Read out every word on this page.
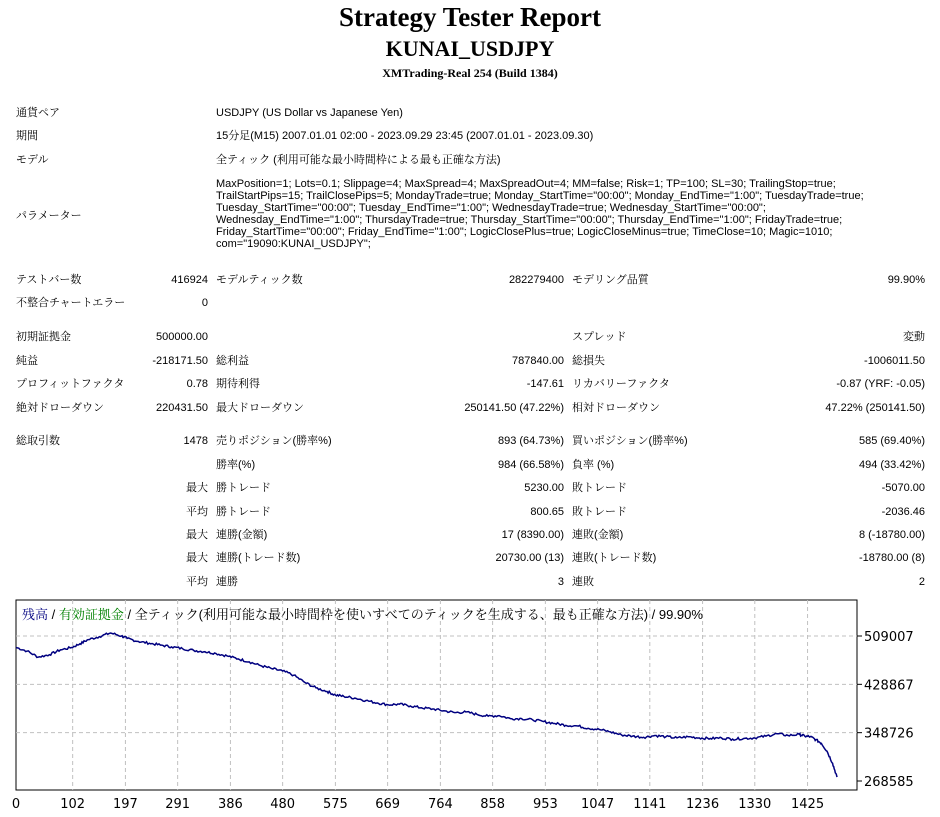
Strategy Tester Report
KUNAI_USDJPY
XMTrading-Real 254 (Build 1384)
通貨ペア	USDJPY (US Dollar vs Japanese Yen)
期間	15分足(M15) 2007.01.01 02:00 - 2023.09.29 23:45 (2007.01.01 - 2023.09.30)
モデル	全ティック (利用可能な最小時間枠による最も正確な方法)
パラメーター
MaxPosition=1; Lots=0.1; Slippage=4; MaxSpread=4; MaxSpreadOut=4; MM=false; Risk=1; TP=100; SL=30; TrailingStop=true;
TrailStartPips=15; TrailClosePips=5; MondayTrade=true; Monday_StartTime="00:00"; Monday_EndTime="1:00"; TuesdayTrade=true;
Tuesday_StartTime="00:00"; Tuesday_EndTime="1:00"; WednesdayTrade=true; Wednesday_StartTime="00:00";
Wednesday_EndTime="1:00"; ThursdayTrade=true; Thursday_StartTime="00:00"; Thursday_EndTime="1:00"; FridayTrade=true;
Friday_StartTime="00:00"; Friday_EndTime="1:00"; LogicClosePlus=true; LogicCloseMinus=true; TimeClose=10; Magic=1010;
com="19090:KUNAI_USDJPY";
テストバー数	416924 モデルティック数	282279400 モデリング品質	99.90%
不整合チャートエラー	0
初期証拠金	500000.00	スプレッド	変動
純益	-218171.50 総利益	787840.00 総損失	-1006011.50
プロフィットファクタ	0.78 期待利得	-147.61 リカバリーファクタ	-0.87 (YRF: -0.05)
絶対ドローダウン	220431.50 最大ドローダウン	250141.50 (47.22%) 相対ドローダウン	47.22% (250141.50)
総取引数	1478 売りポジション(勝率%)	893 (64.73%) 買いポジション(勝率%)	585 (69.40%)
勝率(%)	984 (66.58%) 負率 (%)	494 (33.42%)
最大 勝トレード	5230.00 敗トレード	-5070.00
平均 勝トレード	800.65 敗トレード	-2036.46
最大 連勝(金額)	17 (8390.00) 連敗(金額)	8 (-18780.00)
最大 連勝(トレード数)	20730.00 (13) 連敗(トレード数)	-18780.00 (8)
平均 連勝	3 連敗	2
509007
428867
348726
268585
0	102 197 291 386 480 575 669 764 858 953 1047 1141 1236 1330 1425
残高 / 有効証拠金 / 全ティック(利用可能な最小時間枠を使いすべてのティックを生成する、最も正確な方法) / 99.90%
